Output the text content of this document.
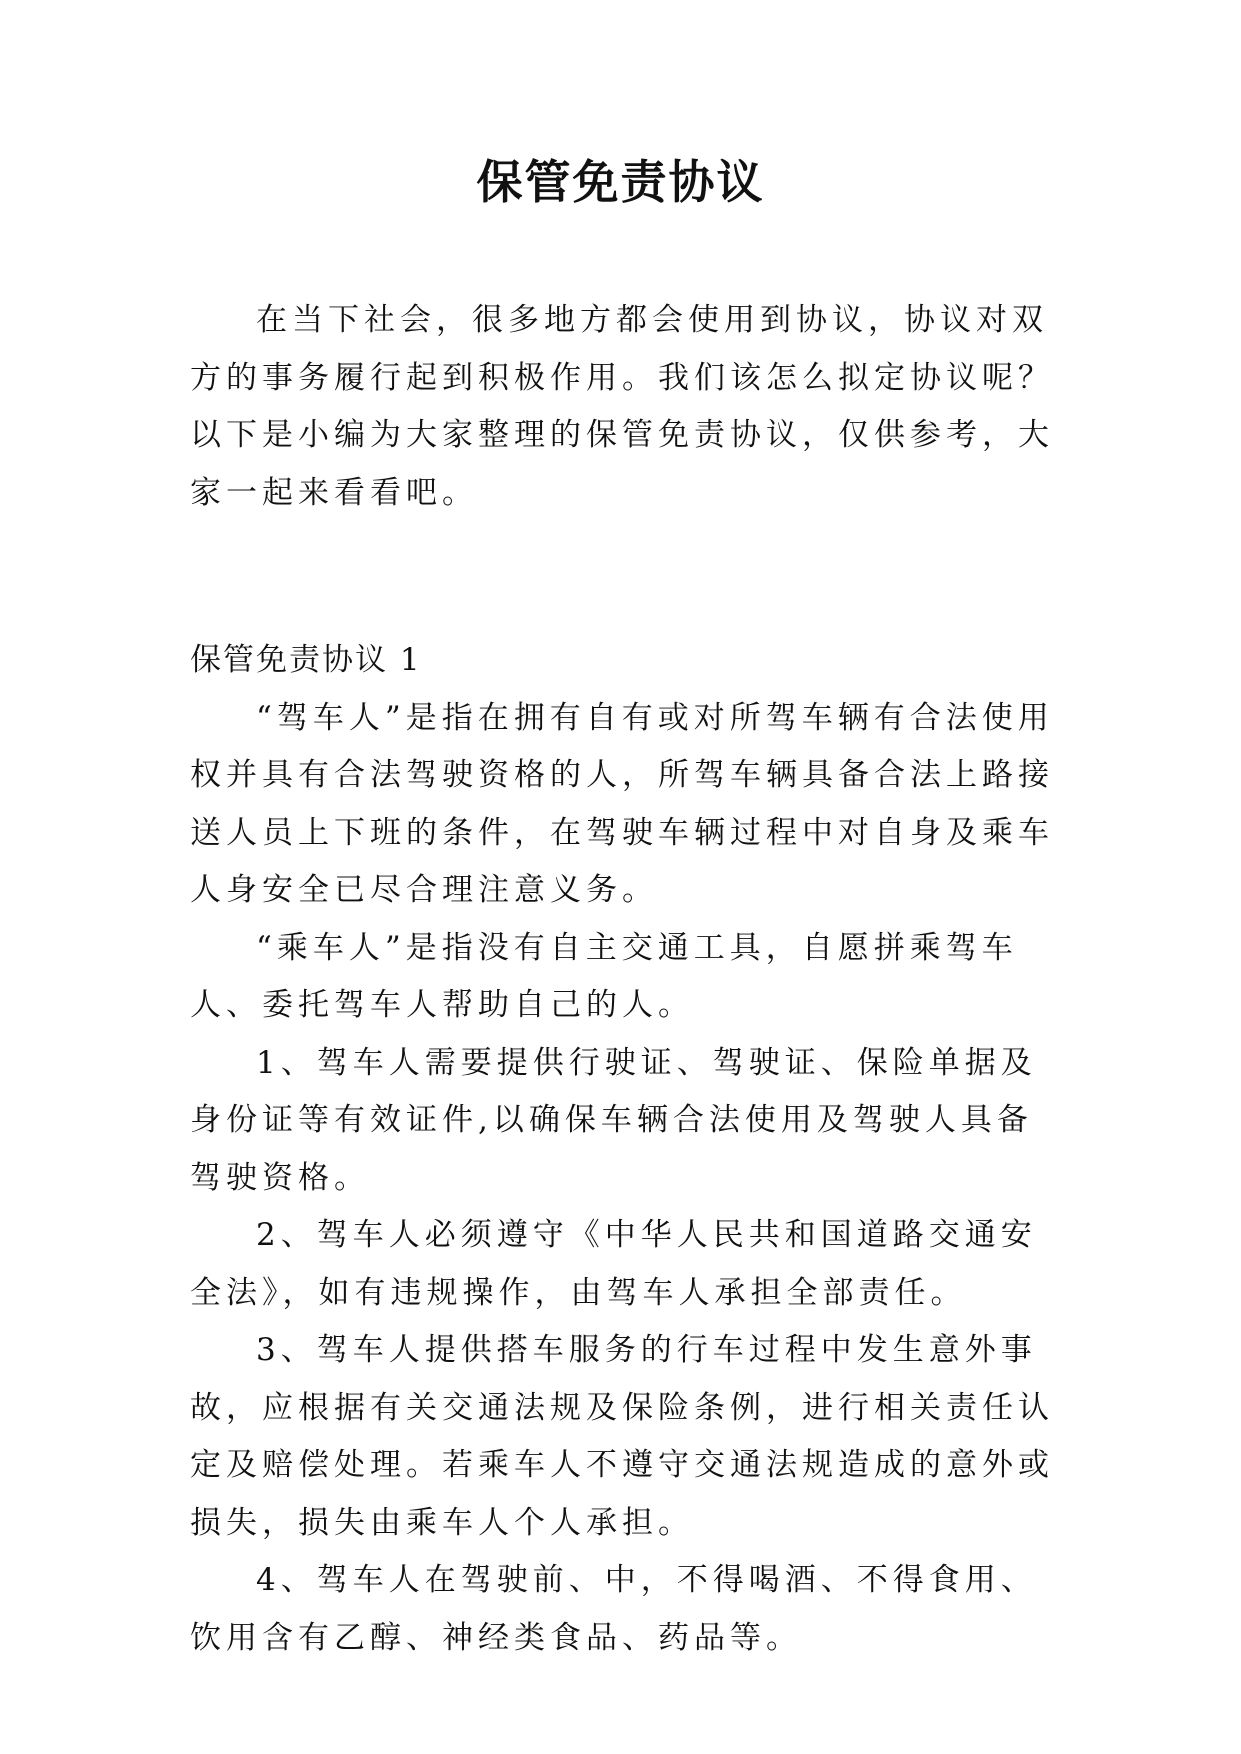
保管免责协议

在当下社会，很多地方都会使用到协议，协议对双方的事务履行起到积极作用。我们该怎么拟定协议呢？以下是小编为大家整理的保管免责协议，仅供参考，大家一起来看看吧。

保管免责协议 1

“驾车人”是指在拥有自有或对所驾车辆有合法使用权并具有合法驾驶资格的人，所驾车辆具备合法上路接送人员上下班的条件，在驾驶车辆过程中对自身及乘车人身安全已尽合理注意义务。

“乘车人”是指没有自主交通工具，自愿拼乘驾车人、委托驾车人帮助自己的人。

1、驾车人需要提供行驶证、驾驶证、保险单据及身份证等有效证件,以确保车辆合法使用及驾驶人具备驾驶资格。

2、驾车人必须遵守《中华人民共和国道路交通安全法》，如有违规操作，由驾车人承担全部责任。

3、驾车人提供搭车服务的行车过程中发生意外事故，应根据有关交通法规及保险条例，进行相关责任认定及赔偿处理。若乘车人不遵守交通法规造成的意外或损失，损失由乘车人个人承担。

4、驾车人在驾驶前、中，不得喝酒、不得食用、饮用含有乙醇、神经类食品、药品等。
